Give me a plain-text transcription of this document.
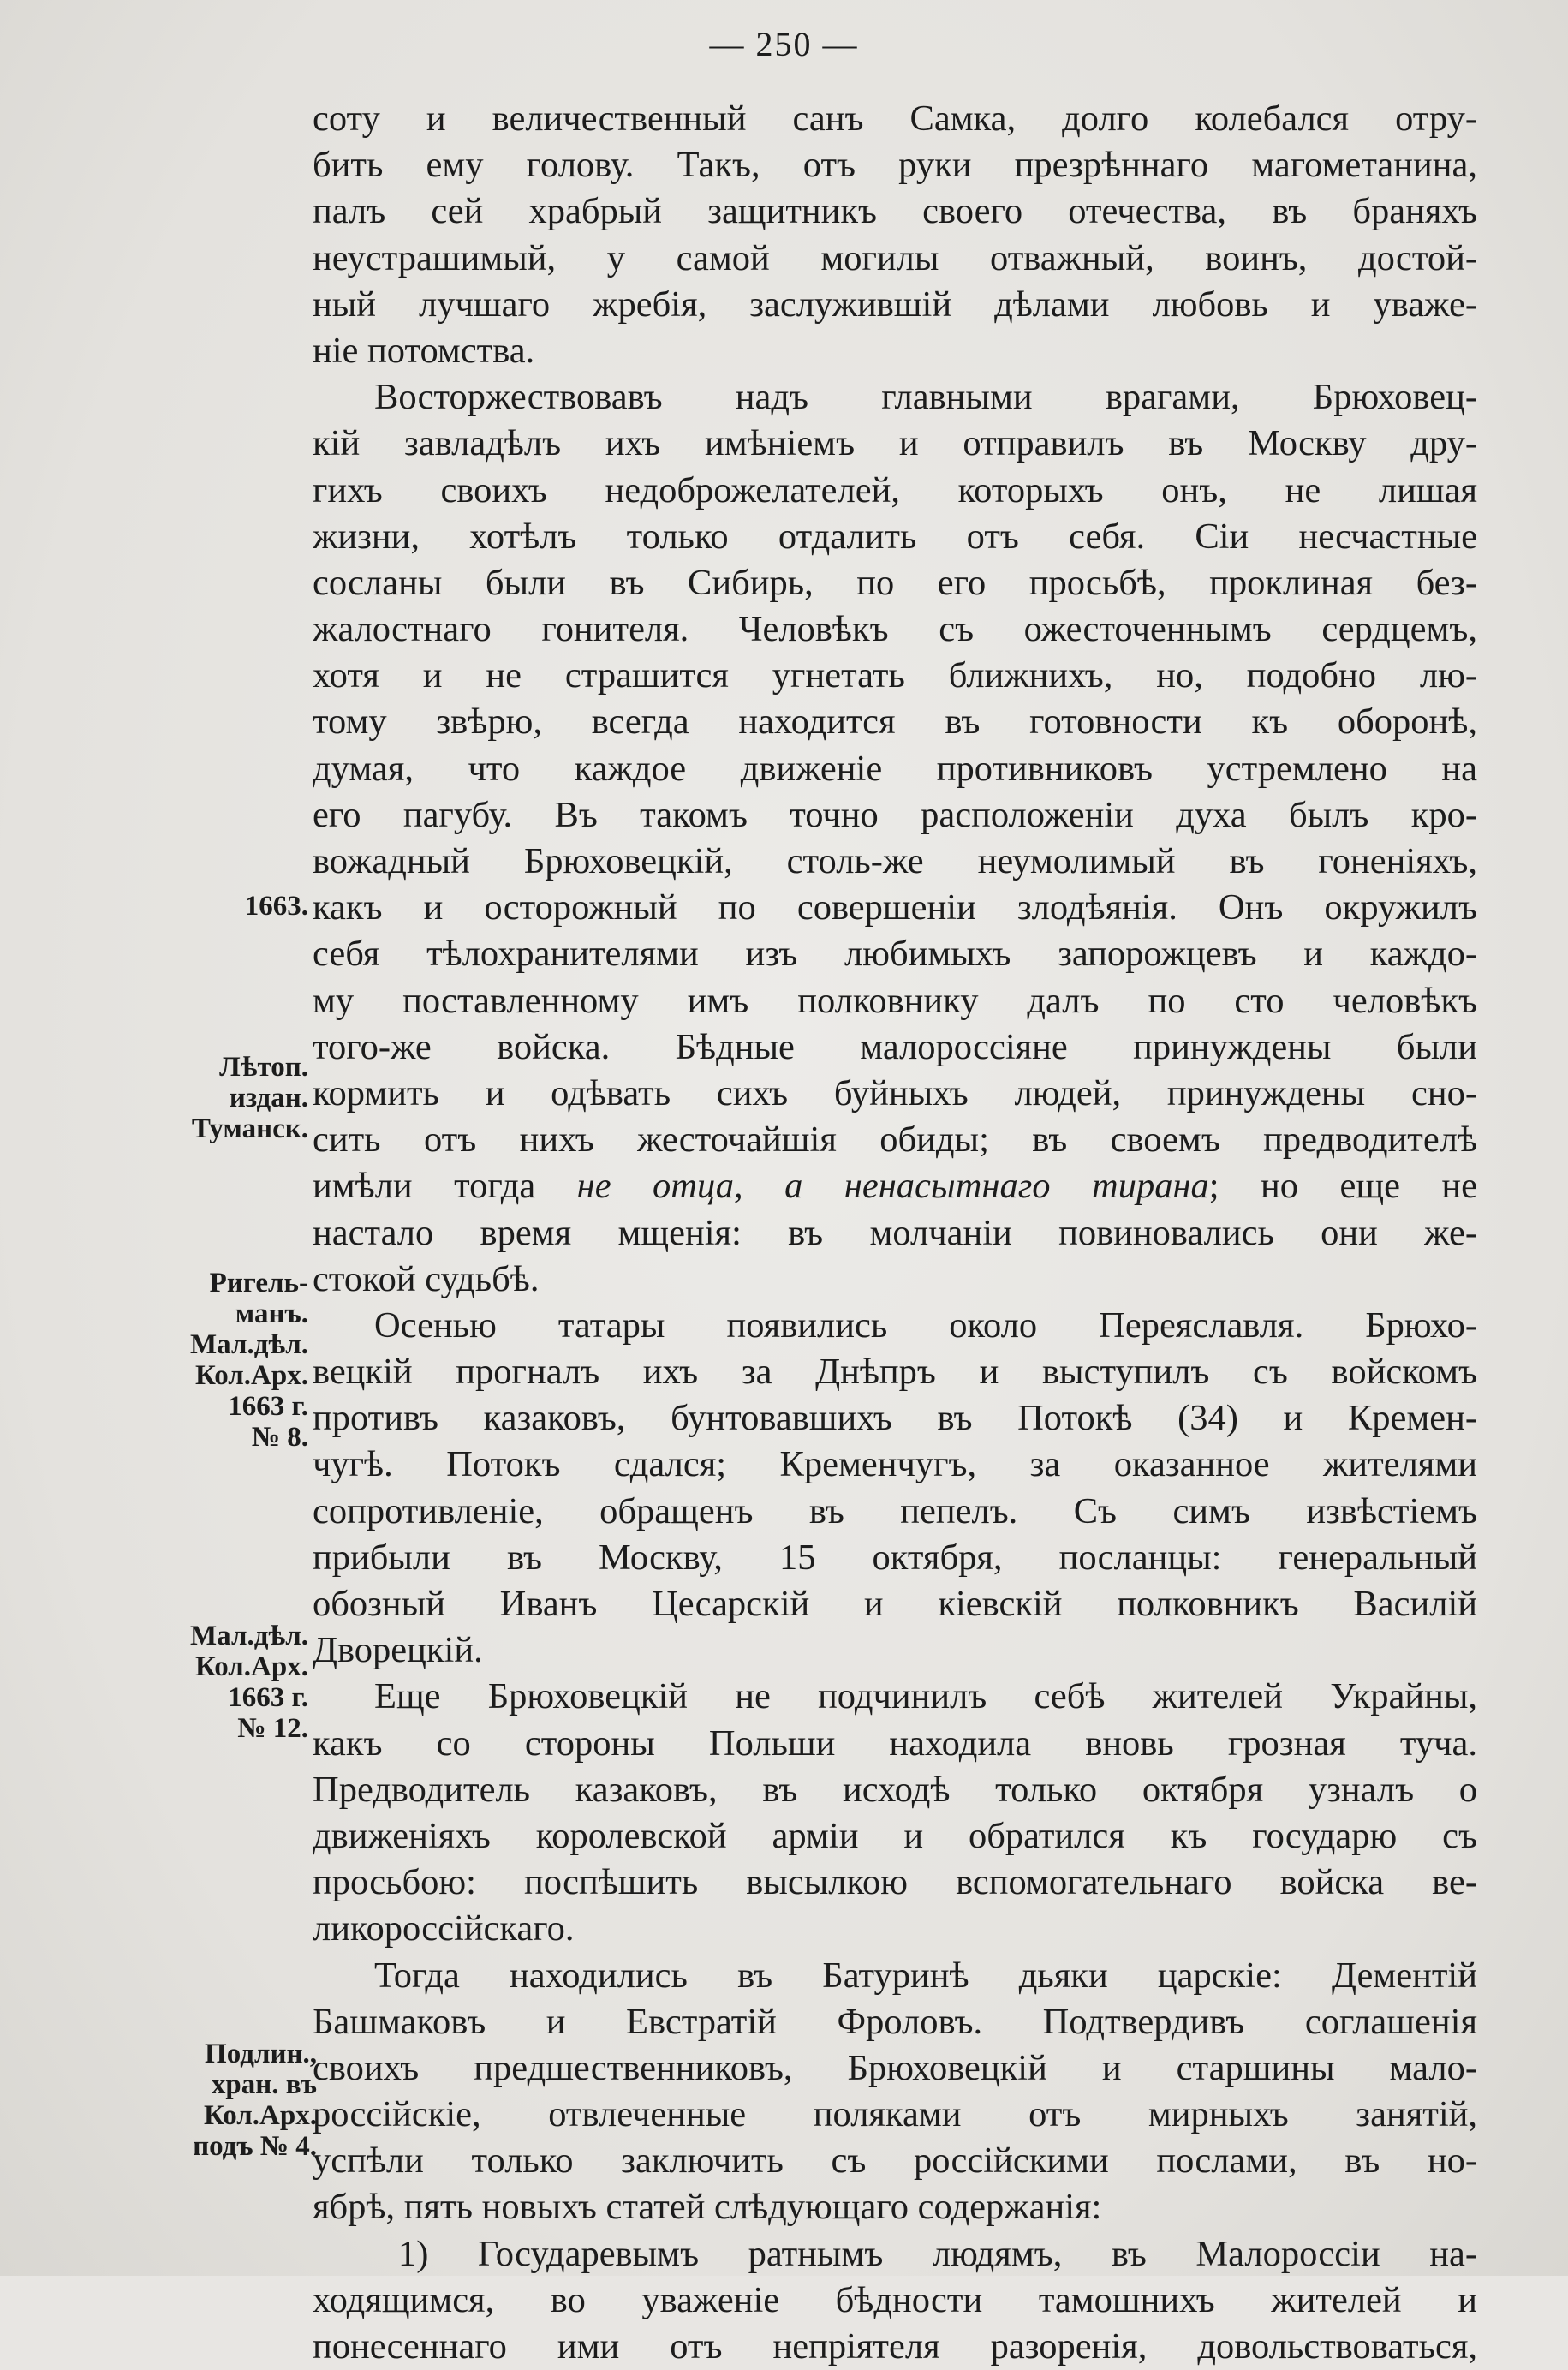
— 250 —
соту и величественный санъ Самка, долго колебался отру-
бить ему голову. Такъ, отъ руки презрѣннаго магометанина,
палъ сей храбрый защитникъ своего отечества, въ браняхъ
неустрашимый, у самой могилы отважный, воинъ, достой-
ный лучшаго жребія, заслужившій дѣлами любовь и уваже-
ніе потомства.
Восторжествовавъ надъ главными врагами, Брюховец-
кій завладѣлъ ихъ имѣніемъ и отправилъ въ Москву дру-
гихъ своихъ недоброжелателей, которыхъ онъ, не лишая
жизни, хотѣлъ только отдалить отъ себя. Сіи несчастные
сосланы были въ Сибирь, по его просьбѣ, проклиная без-
жалостнаго гонителя. Человѣкъ съ ожесточеннымъ сердцемъ,
хотя и не страшится угнетать ближнихъ, но, подобно лю-
тому звѣрю, всегда находится въ готовности къ оборонѣ,
думая, что каждое движеніе противниковъ устремлено на
его пагубу. Въ такомъ точно расположеніи духа былъ кро-
вожадный Брюховецкій, столь-же неумолимый въ гоненіяхъ,
какъ и осторожный по совершеніи злодѣянія. Онъ окружилъ
себя тѣлохранителями изъ любимыхъ запорожцевъ и каждо-
му поставленному имъ полковнику далъ по сто человѣкъ
того-же войска. Бѣдные малороссіяне принуждены были
кормить и одѣвать сихъ буйныхъ людей, принуждены сно-
сить отъ нихъ жесточайшія обиды; въ своемъ предводителѣ
имѣли тогда не отца, а ненасытнаго тирана; но еще не
настало время мщенія: въ молчаніи повиновались они же-
стокой судьбѣ.
Осенью татары появились около Переяславля. Брюхо-
вецкій прогналъ ихъ за Днѣпръ и выступилъ съ войскомъ
противъ казаковъ, бунтовавшихъ въ Потокѣ (34) и Кремен-
чугѣ. Потокъ сдался; Кременчугъ, за оказанное жителями
сопротивленіе, обращенъ въ пепелъ. Съ симъ извѣстіемъ
прибыли въ Москву, 15 октября, посланцы: генеральный
обозный Иванъ Цесарскій и кіевскій полковникъ Василій
Дворецкій.
Еще Брюховецкій не подчинилъ себѣ жителей Украйны,
какъ со стороны Польши находила вновь грозная туча.
Предводитель казаковъ, въ исходѣ только октября узналъ о
движеніяхъ королевской арміи и обратился къ государю съ
просьбою: поспѣшить высылкою вспомогательнаго войска ве-
ликороссійскаго.
Тогда находились въ Батуринѣ дьяки царскіе: Дементій
Башмаковъ и Евстратій Фроловъ. Подтвердивъ соглашенія
своихъ предшественниковъ, Брюховецкій и старшины мало-
россійскіе, отвлеченные поляками отъ мирныхъ занятій,
успѣли только заключить съ россійскими послами, въ но-
ябрѣ, пять новыхъ статей слѣдующаго содержанія:
1) Государевымъ ратнымъ людямъ, въ Малороссіи на-
ходящимся, во уваженіе бѣдности тамошнихъ жителей и
понесеннаго ими отъ непріятеля разоренія, довольствоваться,
1663.
Лѣтоп.
издан.
Туманск.
Ригель-
манъ.
Мал.дѣл.
Кол.Арх.
1663 г.
№ 8.
Мал.дѣл.
Кол.Арх.
1663 г.
№ 12.
Подлин.,
хран. въ
Кол.Арх.
подъ № 4.
